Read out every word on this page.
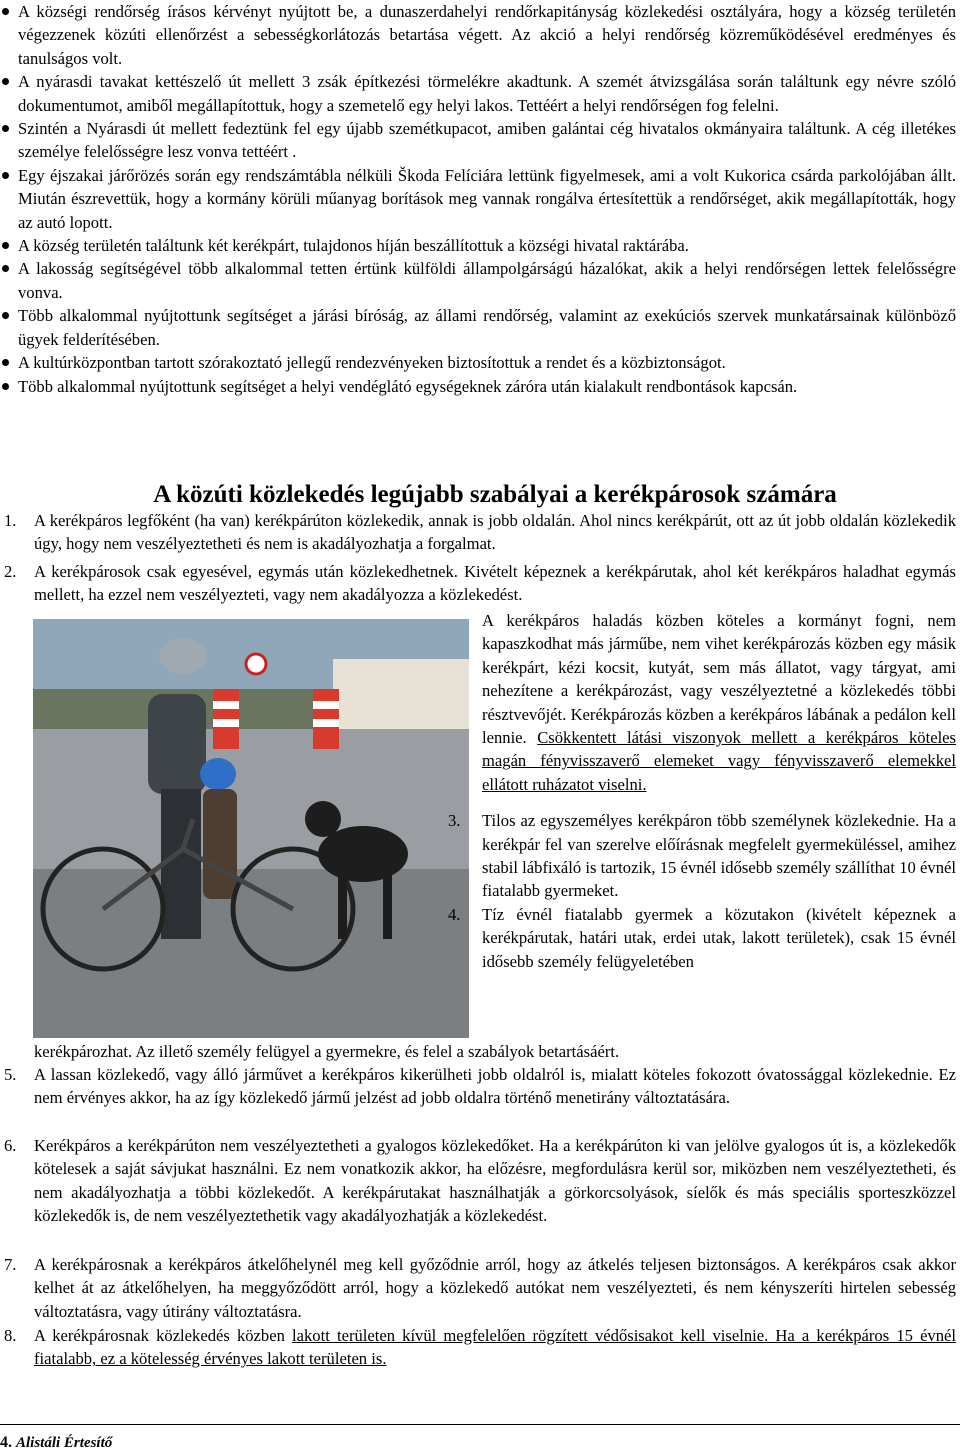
A községi rendőrség írásos kérvényt nyújtott be, a dunaszerdahelyi rendőrkapitányság közlekedési osztályára, hogy a község területén végezzenek közúti ellenőrzést a sebességkorlátozás betartása végett. Az akció a helyi rendőrség közreműködésével eredményes és tanulságos volt.
A nyárasdi tavakat kettészelő út mellett 3 zsák építkezési törmelékre akadtunk. A szemét átvizsgálása során találtunk egy névre szóló dokumentumot, amiből megállapítottuk, hogy a szemetelő egy helyi lakos. Tettéért a helyi rendőrségen fog felelni.
Szintén a Nyárasdi út mellett fedeztünk fel egy újabb szemétkupacot, amiben galántai cég hivatalos okmányaira találtunk. A cég illetékes személye felelősségre lesz vonva tettéért .
Egy éjszakai járőrözés során egy rendszámtábla nélküli Škoda Felíciára lettünk figyelmesek, ami a volt Kukorica csárda parkolójában állt. Miután észrevettük, hogy a kormány körüli műanyag borítások meg vannak rongálva értesítettük a rendőrséget, akik megállapították, hogy az autó lopott.
A község területén találtunk két kerékpárt, tulajdonos híján beszállítottuk a községi hivatal raktárába.
A lakosság segítségével több alkalommal tetten értünk külföldi állampolgárságú házalókat, akik a helyi rendőrségen lettek felelősségre vonva.
Több alkalommal nyújtottunk segítséget a járási bíróság, az állami rendőrség, valamint az exekúciós szervek munkatársainak különböző ügyek felderítésében.
A kultúrközpontban tartott szórakoztató jellegű rendezvényeken biztosítottuk a rendet és a közbiztonságot.
Több alkalommal nyújtottunk segítséget a helyi vendéglátó egységeknek záróra után kialakult rendbontások kapcsán.
A közúti közlekedés legújabb szabályai a kerékpárosok számára
1. A kerékpáros legfőként (ha van) kerékpárúton közlekedik, annak is jobb oldalán. Ahol nincs kerékpárút, ott az út jobb oldalán közlekedik úgy, hogy nem veszélyeztetheti és nem is akadályozhatja a forgalmat.
2. A kerékpárosok csak egyesével, egymás után közlekedhetnek. Kivételt képeznek a kerékpárutak, ahol két kerékpáros haladhat egymás mellett, ha ezzel nem veszélyezteti, vagy nem akadályozza a közlekedést.
A kerékpáros haladás közben köteles a kormányt fogni, nem kapaszkodhat más járműbe, nem vihet kerékpározás közben egy másik kerékpárt, kézi kocsit, kutyát, sem más állatot, vagy tárgyat, ami nehezítene a kerékpározást, vagy veszélyeztetné a közlekedés többi résztvevőjét. Kerékpározás közben a kerékpáros lábának a pedálon kell lennie. Csökkentett látási viszonyok mellett a kerékpáros köteles magán fényvisszaverő elemeket vagy fényvisszaverő elemekkel ellátott ruházatot viselni.
3. Tilos az egyszemélyes kerékpáron több személynek közlekednie. Ha a kerékpár fel van szerelve előírásnak megfelelt gyermeküléssel, amihez stabil lábfixáló is tartozik, 15 évnél idősebb személy szállíthat 10 évnél fiatalabb gyermeket.
4. Tíz évnél fiatalabb gyermek a közutakon (kivételt képeznek a kerékpárutak, határi utak, erdei utak, lakott területek), csak 15 évnél idősebb személy felügyeletében
kerékpározhat. Az illető személy felügyel a gyermekre, és felel a szabályok betartásáért.
5. A lassan közlekedő, vagy álló járművet a kerékpáros kikerülheti jobb oldalról is, mialatt köteles fokozott óvatossággal közlekednie. Ez nem érvényes akkor, ha az így közlekedő jármű jelzést ad jobb oldalra történő menetirány változtatására.
6. Kerékpáros a kerékpárúton nem veszélyeztetheti a gyalogos közlekedőket. Ha a kerékpárúton ki van jelölve gyalogos út is, a közlekedők kötelesek a saját sávjukat használni. Ez nem vonatkozik akkor, ha előzésre, megfordulásra kerül sor, miközben nem veszélyeztetheti, és nem akadályozhatja a többi közlekedőt. A kerékpárutakat használhatják a görkorcsolyások, síelők és más speciális sporteszközzel közlekedők is, de nem veszélyeztethetik vagy akadályozhatják a közlekedést.
7. A kerékpárosnak a kerékpáros átkelőhelynél meg kell győződnie arról, hogy az átkelés teljesen biztonságos. A kerékpáros csak akkor kelhet át az átkelőhelyen, ha meggyőződött arról, hogy a közlekedő autókat nem veszélyezteti, és nem kényszeríti hirtelen sebesség változtatásra, vagy útirány változtatásra.
8. A kerékpárosnak közlekedés közben lakott területen kívül megfelelően rögzített védősisakot kell viselnie. Ha a kerékpáros 15 évnél fiatalabb, ez a kötelesség érvényes lakott területen is.
4. Alistáli Értesítő
